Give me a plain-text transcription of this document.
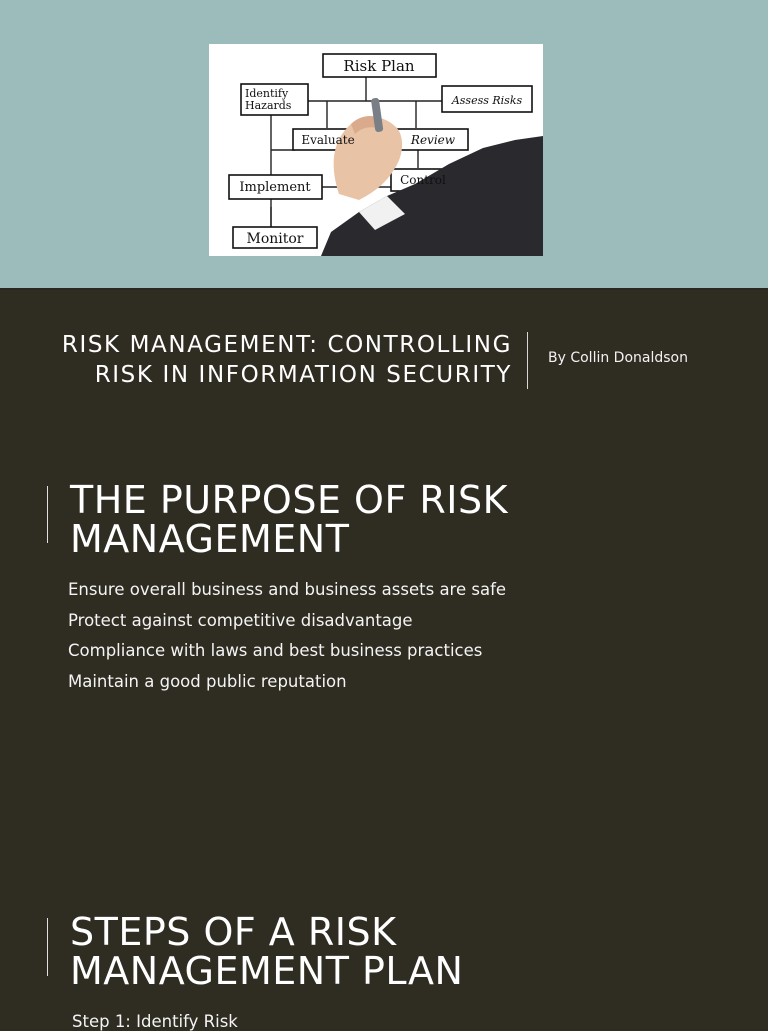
Risk Plan
Identify
Hazards	Assess Risks
Evaluate	Review
Implement	Control
Monitor
RISK MANAGEMENT: CONTROLLING
RISK IN INFORMATION SECURITY
By Collin Donaldson
THE PURPOSE OF RISK
MANAGEMENT
Ensure overall business and business assets are safe
Protect against competitive disadvantage
Compliance with laws and best business practices
Maintain a good public reputation
STEPS OF A RISK
MANAGEMENT PLAN
Step 1: Identify Risk
